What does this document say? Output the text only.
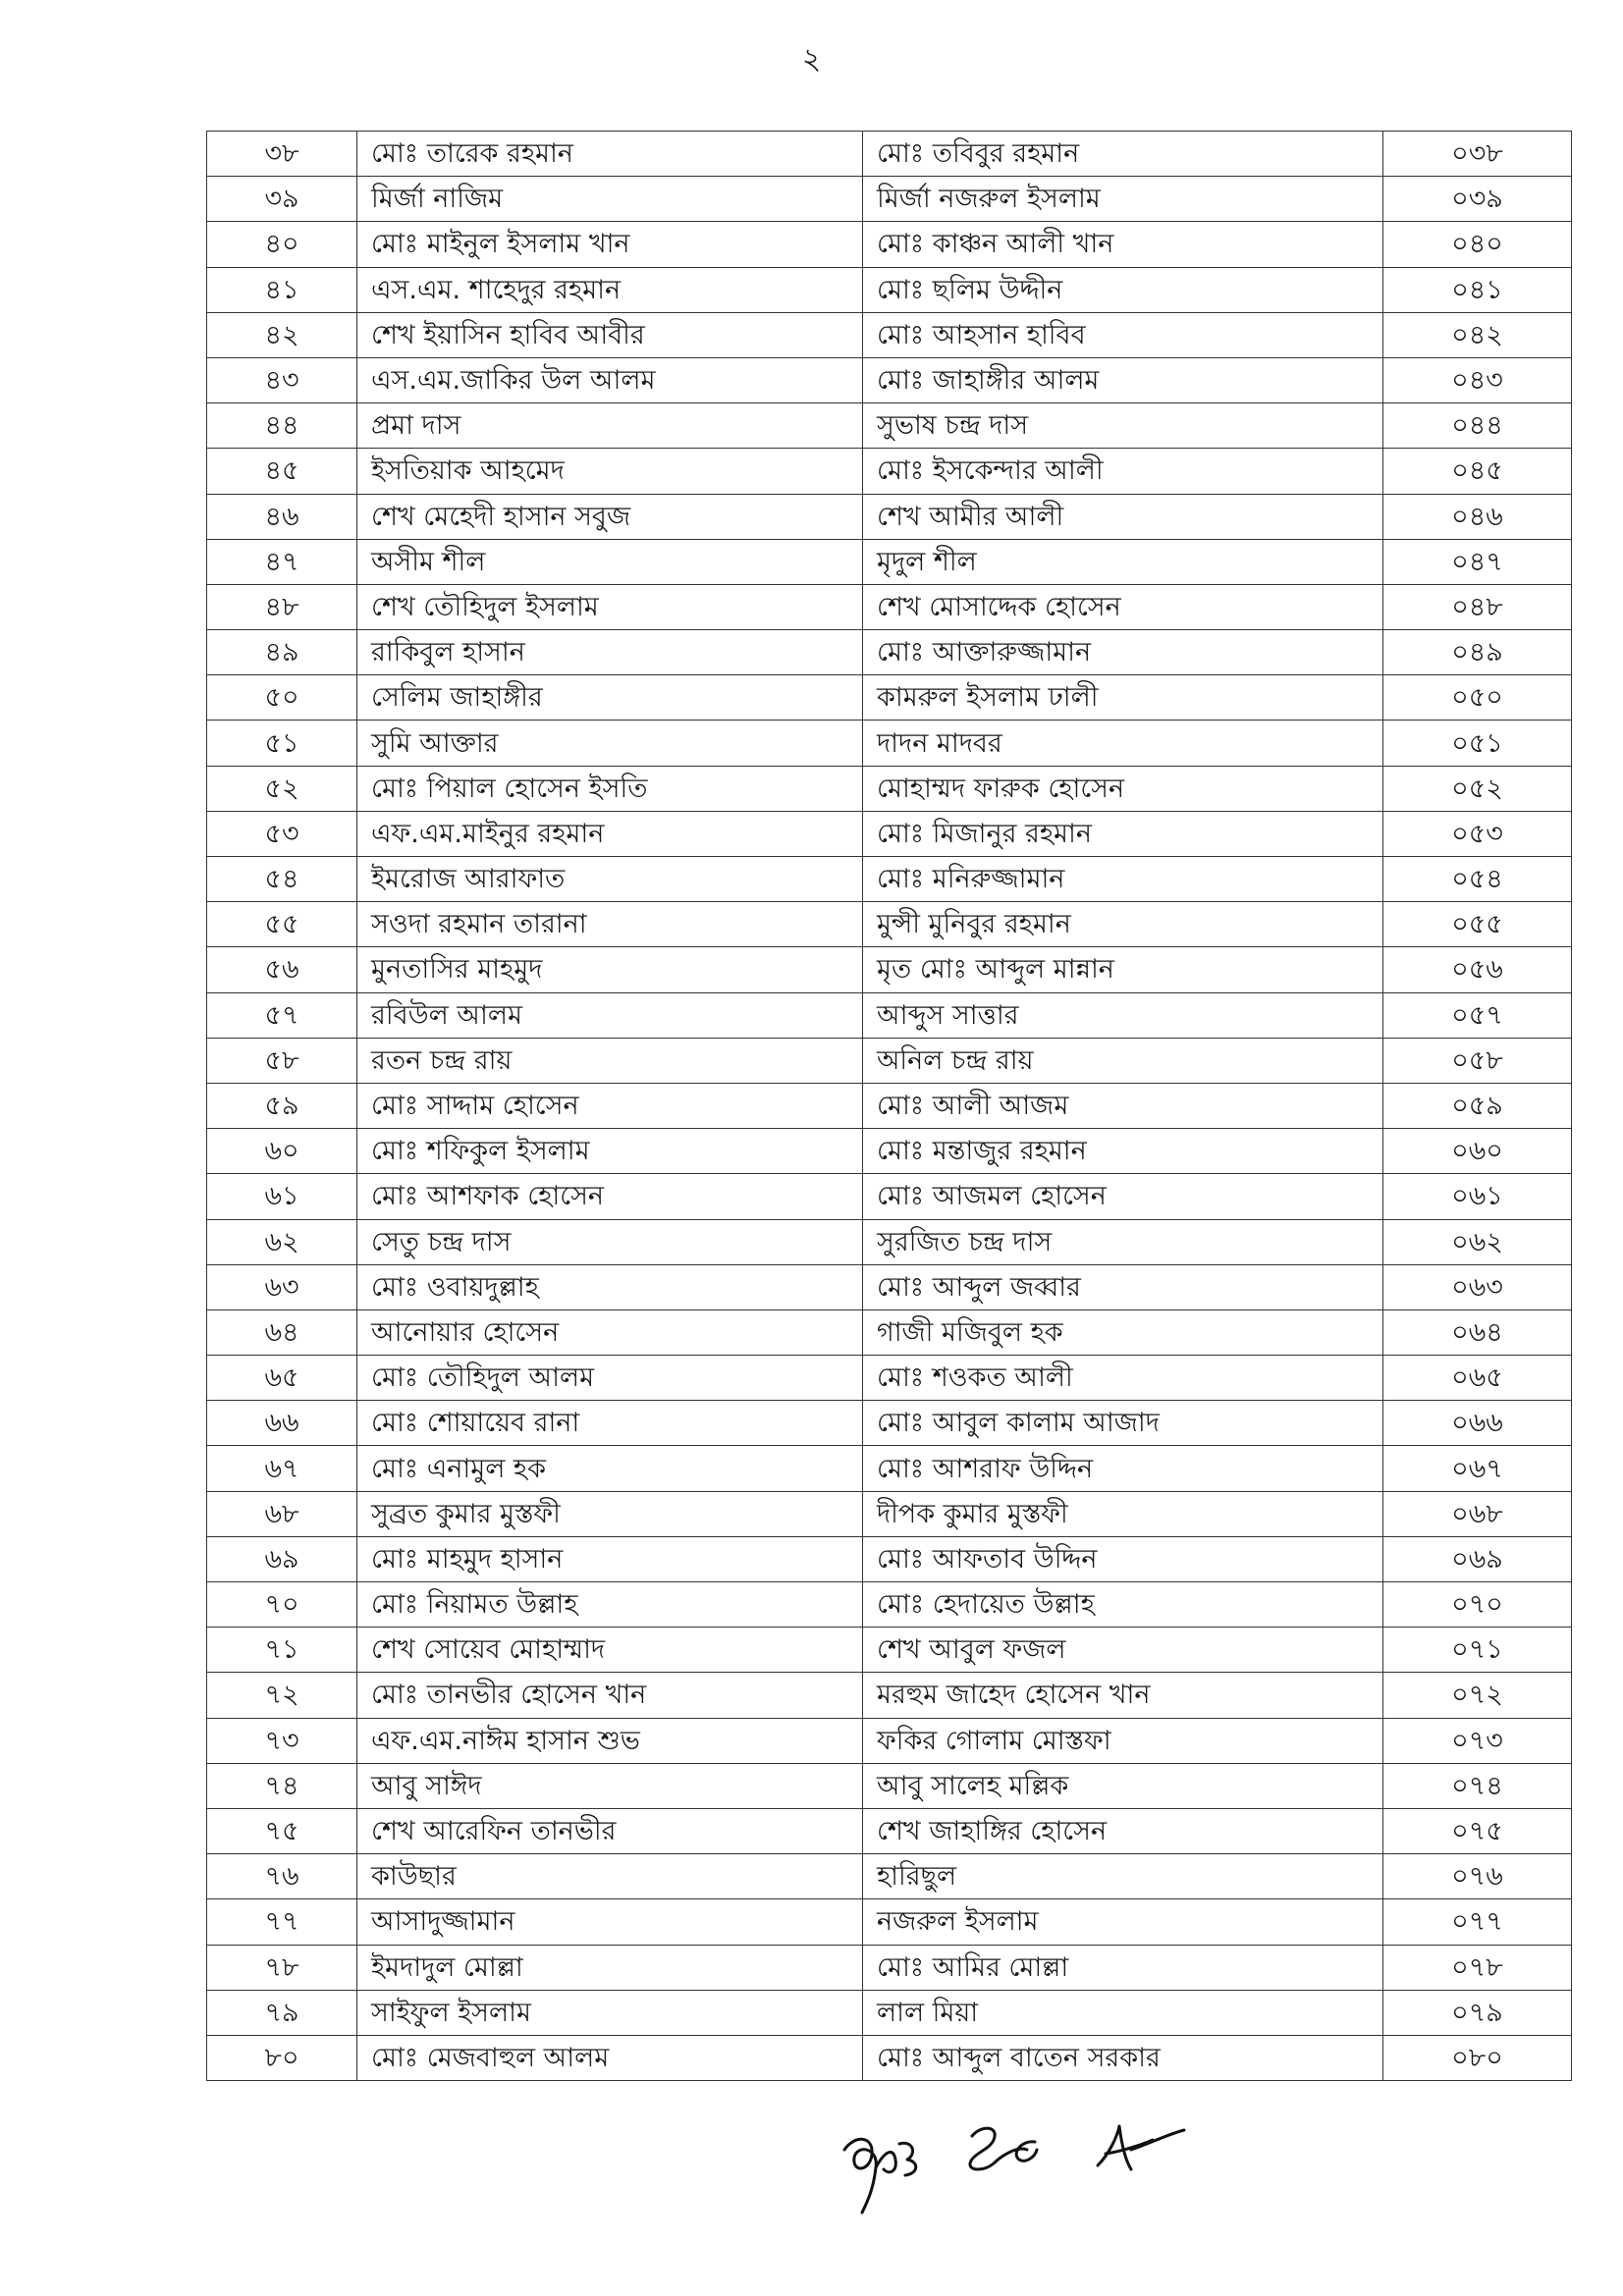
২
৩৮	মোঃ তারেক রহমান	মোঃ তবিবুর রহমান	০৩৮
৩৯	মির্জা নাজিম	মির্জা নজরুল ইসলাম	০৩৯
৪০	মোঃ মাইনুল ইসলাম খান	মোঃ কাঞ্চন আলী খান	০৪০
৪১	এস.এম. শাহেদুর রহমান	মোঃ ছলিম উদ্দীন	০৪১
৪২	শেখ ইয়াসিন হাবিব আবীর	মোঃ আহসান হাবিব	০৪২
৪৩	এস.এম.জাকির উল আলম	মোঃ জাহাঙ্গীর আলম	০৪৩
৪৪	প্রমা দাস	সুভাষ চন্দ্র দাস	০৪৪
৪৫	ইসতিয়াক আহমেদ	মোঃ ইসকেন্দার আলী	০৪৫
৪৬	শেখ মেহেদী হাসান সবুজ	শেখ আমীর আলী	০৪৬
৪৭	অসীম শীল	মৃদুল শীল	০৪৭
৪৮	শেখ তৌহিদুল ইসলাম	শেখ মোসাদ্দেক হোসেন	০৪৮
৪৯	রাকিবুল হাসান	মোঃ আক্তারুজ্জামান	০৪৯
৫০	সেলিম জাহাঙ্গীর	কামরুল ইসলাম ঢালী	০৫০
৫১	সুমি আক্তার	দাদন মাদবর	০৫১
৫২	মোঃ পিয়াল হোসেন ইসতি	মোহাম্মদ ফারুক হোসেন	০৫২
৫৩	এফ.এম.মাইনুর রহমান	মোঃ মিজানুর রহমান	০৫৩
৫৪	ইমরোজ আরাফাত	মোঃ মনিরুজ্জামান	০৫৪
৫৫	সওদা রহমান তারানা	মুন্সী মুনিবুর রহমান	০৫৫
৫৬	মুনতাসির মাহমুদ	মৃত মোঃ আব্দুল মান্নান	০৫৬
৫৭	রবিউল আলম	আব্দুস সাত্তার	০৫৭
৫৮	রতন চন্দ্র রায়	অনিল চন্দ্র রায়	০৫৮
৫৯	মোঃ সাদ্দাম হোসেন	মোঃ আলী আজম	০৫৯
৬০	মোঃ শফিকুল ইসলাম	মোঃ মন্তাজুর রহমান	০৬০
৬১	মোঃ আশফাক হোসেন	মোঃ আজমল হোসেন	০৬১
৬২	সেতু চন্দ্র দাস	সুরজিত চন্দ্র দাস	০৬২
৬৩	মোঃ ওবায়দুল্লাহ	মোঃ আব্দুল জব্বার	০৬৩
৬৪	আনোয়ার হোসেন	গাজী মজিবুল হক	০৬৪
৬৫	মোঃ তৌহিদুল আলম	মোঃ শওকত আলী	০৬৫
৬৬	মোঃ শোয়ায়েব রানা	মোঃ আবুল কালাম আজাদ	০৬৬
৬৭	মোঃ এনামুল হক	মোঃ আশরাফ উদ্দিন	০৬৭
৬৮	সুব্রত কুমার মুস্তফী	দীপক কুমার মুস্তফী	০৬৮
৬৯	মোঃ মাহমুদ হাসান	মোঃ আফতাব উদ্দিন	০৬৯
৭০	মোঃ নিয়ামত উল্লাহ	মোঃ হেদায়েত উল্লাহ	০৭০
৭১	শেখ সোয়েব মোহাম্মাদ	শেখ আবুল ফজল	০৭১
৭২	মোঃ তানভীর হোসেন খান	মরহুম জাহেদ হোসেন খান	০৭২
৭৩	এফ.এম.নাঈম হাসান শুভ	ফকির গোলাম মোস্তফা	০৭৩
৭৪	আবু সাঈদ	আবু সালেহ মল্লিক	০৭৪
৭৫	শেখ আরেফিন তানভীর	শেখ জাহাঙ্গির হোসেন	০৭৫
৭৬	কাউছার	হারিছুল	০৭৬
৭৭	আসাদুজ্জামান	নজরুল ইসলাম	০৭৭
৭৮	ইমদাদুল মোল্লা	মোঃ আমির মোল্লা	০৭৮
৭৯	সাইফুল ইসলাম	লাল মিয়া	০৭৯
৮০	মোঃ মেজবাহুল আলম	মোঃ আব্দুল বাতেন সরকার	০৮০
